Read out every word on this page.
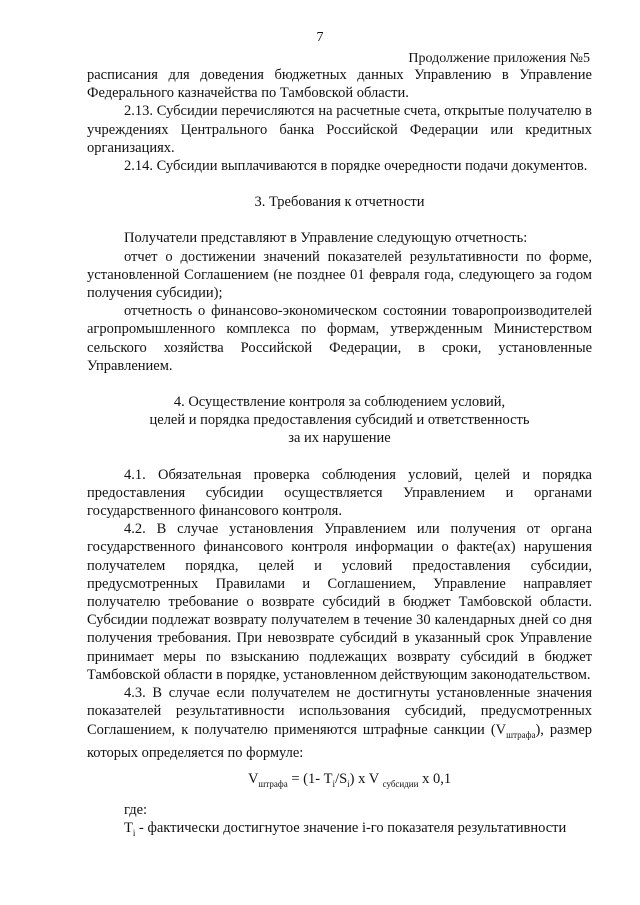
7
Продолжение приложения №5

расписания для доведения бюджетных данных Управлению в Управление Федерального казначейства по Тамбовской области.

2.13. Субсидии перечисляются на расчетные счета, открытые получателю в учреждениях Центрального банка Российской Федерации или кредитных организациях.

2.14. Субсидии выплачиваются в порядке очередности подачи документов.

3. Требования к отчетности

Получатели представляют в Управление следующую отчетность:

отчет о достижении значений показателей результативности по форме, установленной Соглашением (не позднее 01 февраля года, следующего за годом получения субсидии);

отчетность о финансово-экономическом состоянии товаропроизводителей агропромышленного комплекса по формам, утвержденным Министерством сельского хозяйства Российской Федерации, в сроки, установленные Управлением.

4. Осуществление контроля за соблюдением условий,

целей и порядка предоставления субсидий и ответственность

за их нарушение

4.1. Обязательная проверка соблюдения условий, целей и порядка предоставления субсидии осуществляется Управлением и органами государственного финансового контроля.

4.2. В случае установления Управлением или получения от органа государственного финансового контроля информации о факте(ах) нарушения получателем порядка, целей и условий предоставления субсидии, предусмотренных Правилами и Соглашением, Управление направляет получателю требование о возврате субсидий в бюджет Тамбовской области. Субсидии подлежат возврату получателем в течение 30 календарных дней со дня получения требования. При невозврате субсидий в указанный срок Управление принимает меры по взысканию подлежащих возврату субсидий в бюджет Тамбовской области в порядке, установленном действующим законодательством.

4.3. В случае если получателем не достигнуты установленные значения показателей результативности использования субсидий, предусмотренных Соглашением, к получателю применяются штрафные санкции $(V_{штрафа})$, размер которых определяется по формуле:

$V_{штрафа} = (1-$ $T_i/S_i$) x V $_{субсидии}$ x 0,1

где:

$T_i$ - фактически достигнутое значение i-го показателя результативности
